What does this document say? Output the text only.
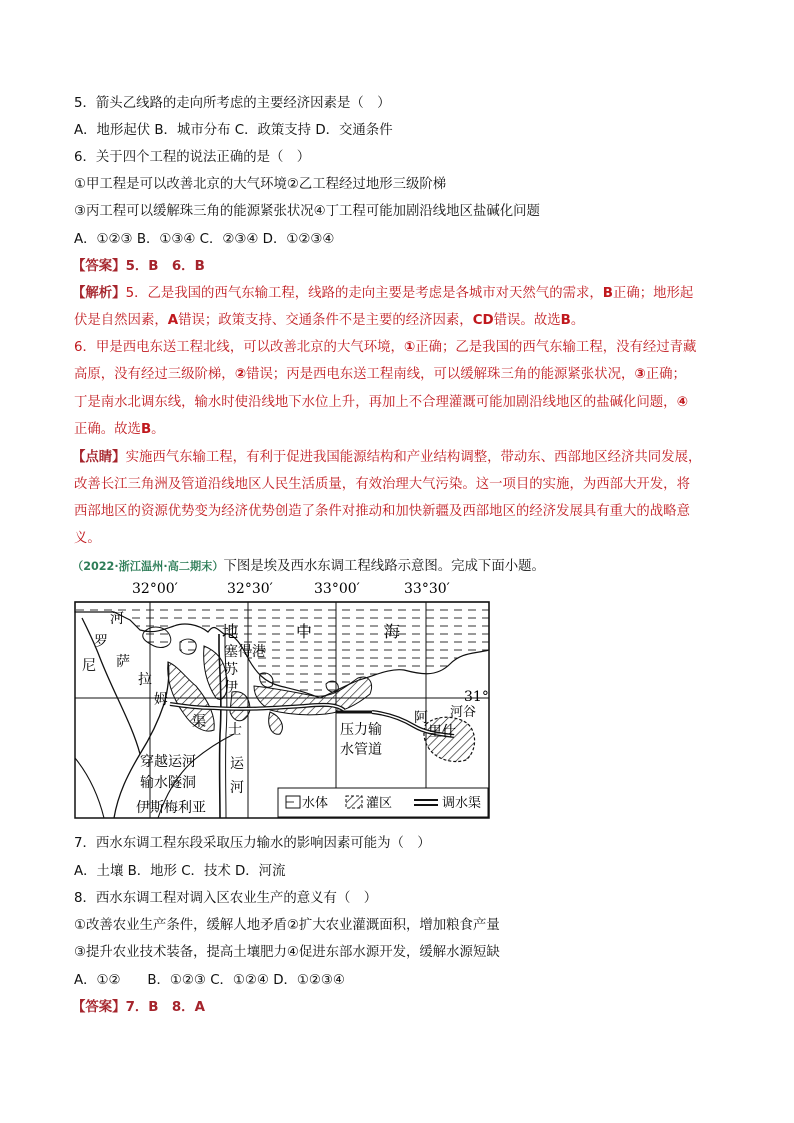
5．箭头乙线路的走向所考虑的主要经济因素是（　）
A．地形起伏 B．城市分布 C．政策支持 D．交通条件
6．关于四个工程的说法正确的是（　）
①甲工程是可以改善北京的大气环境②乙工程经过地形三级阶梯
③丙工程可以缓解珠三角的能源紧张状况④丁工程可能加剧沿线地区盐碱化问题
A．①②③ B．①③④ C．②③④ D．①②③④
【答案】5．B　6．B
【解析】5．乙是我国的西气东输工程，线路的走向主要是考虑是各城市对天然气的需求，B正确；地形起
伏是自然因素，A错误；政策支持、交通条件不是主要的经济因素，CD错误。故选B。
6．甲是西电东送工程北线，可以改善北京的大气环境，①正确；乙是我国的西气东输工程，没有经过青藏
高原，没有经过三级阶梯，②错误；丙是西电东送工程南线，可以缓解珠三角的能源紧张状况，③正确；
丁是南水北调东线，输水时使沿线地下水位上升，再加上不合理灌溉可能加剧沿线地区的盐碱化问题，④
正确。故选B。
【点睛】实施西气东输工程，有利于促进我国能源结构和产业结构调整，带动东、西部地区经济共同发展，
改善长江三角洲及管道沿线地区人民生活质量，有效治理大气污染。这一项目的实施，为西部大开发，将
西部地区的资源优势变为经济优势创造了条件对推动和加快新疆及西部地区的经济发展具有重大的战略意
义。
（2022·浙江温州·高二期末）下图是埃及西水东调工程线路示意图。完成下面小题。
32°00′	32°30′	33°00′	33°30′
31°
河
罗
尼 萨
拉
姆
渠
地	中	海
塞得港
苏
伊
士
运
河
穿越运河
输水隧洞
伊斯梅利亚
压力输
水管道
阿
里什
河谷
水体	灌区	调水渠
7．西水东调工程东段采取压力输水的影响因素可能为（　）
A．土壤 B．地形 C．技术 D．河流
8．西水东调工程对调入区农业生产的意义有（　）
①改善农业生产条件，缓解人地矛盾②扩大农业灌溉面积，增加粮食产量
③提升农业技术装备，提高土壤肥力④促进东部水源开发，缓解水源短缺
A．①②　　B．①②③ C．①②④ D．①②③④
【答案】7．B　8．A
